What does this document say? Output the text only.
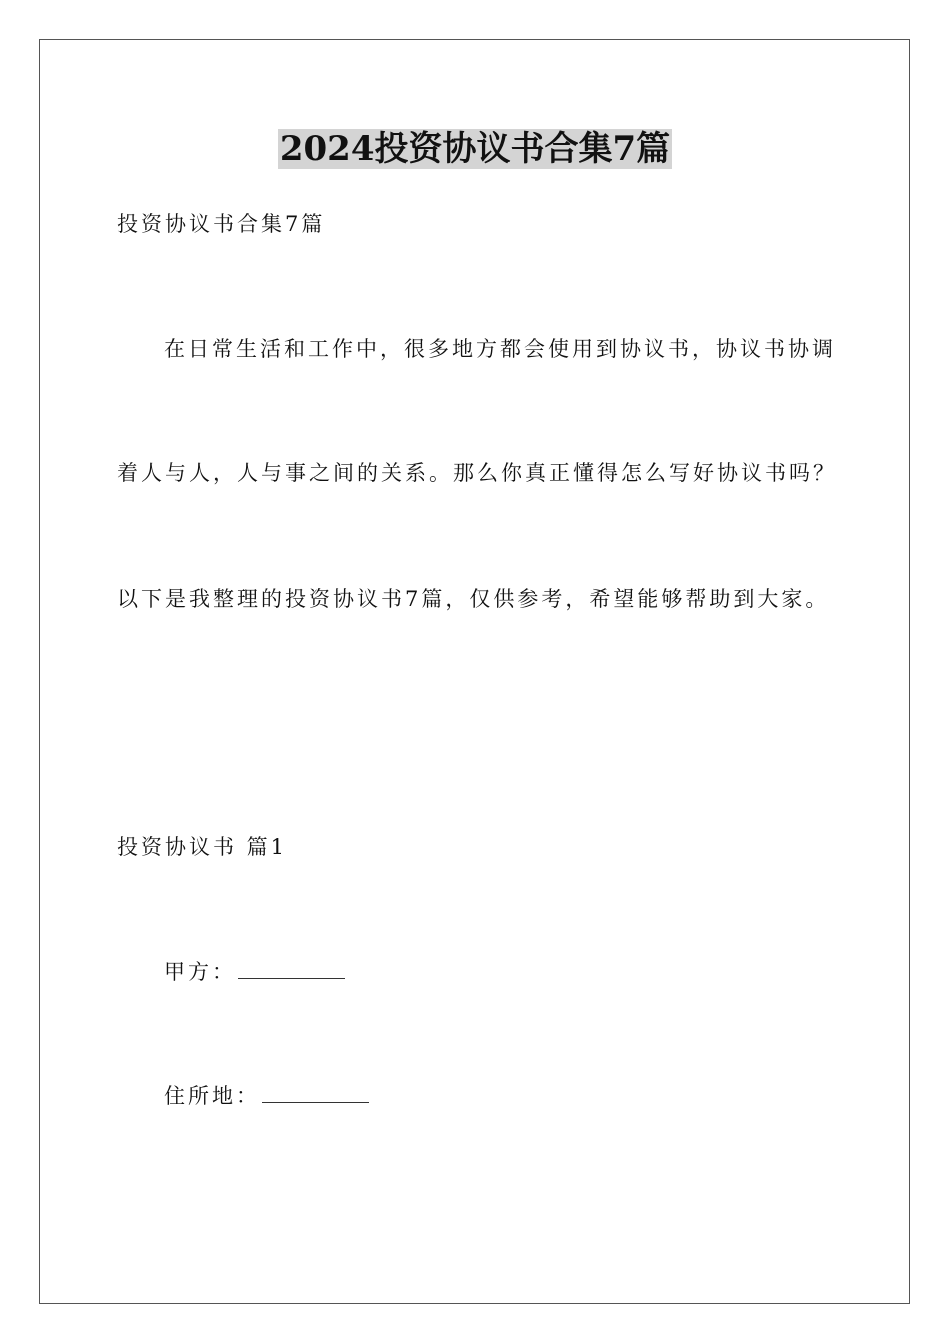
2024投资协议书合集7篇
投资协议书合集7篇
在日常生活和工作中，很多地方都会使用到协议书，协议书协调
着人与人，人与事之间的关系。那么你真正懂得怎么写好协议书吗？
以下是我整理的投资协议书7篇，仅供参考，希望能够帮助到大家。
投资协议书 篇1
甲方：
住所地：
